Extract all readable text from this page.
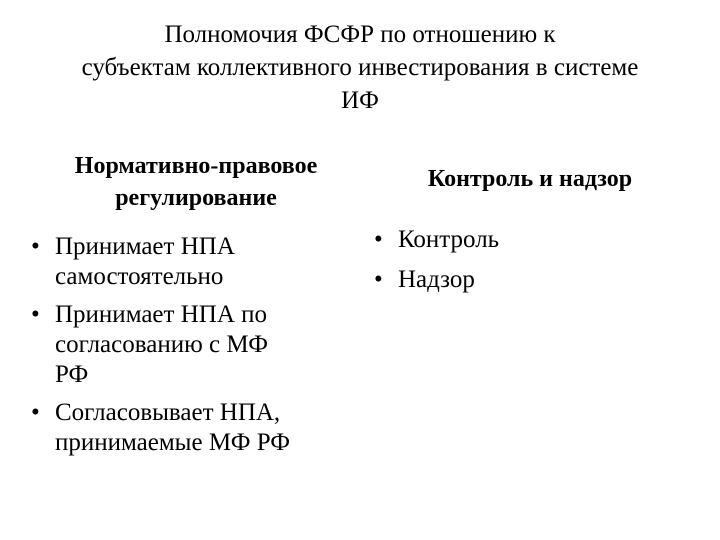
Полномочия ФСФР по отношению к
субъектам коллективного инвестирования в системе
ИФ
Нормативно-правовое
регулирование
Контроль и надзор
• Принимает НПА
самостоятельно
• Принимает НПА по
согласованию с МФ
РФ
• Согласовывает НПА,
принимаемые МФ РФ
• Контроль
• Надзор
